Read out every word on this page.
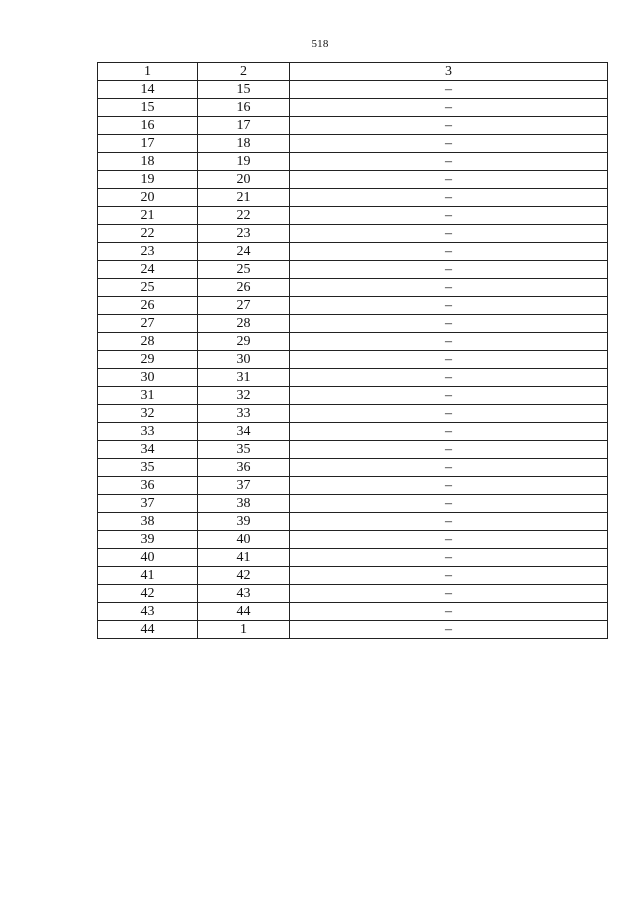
518
1	2	3
14	15	–
15	16	–
16	17	–
17	18	–
18	19	–
19	20	–
20	21	–
21	22	–
22	23	–
23	24	–
24	25	–
25	26	–
26	27	–
27	28	–
28	29	–
29	30	–
30	31	–
31	32	–
32	33	–
33	34	–
34	35	–
35	36	–
36	37	–
37	38	–
38	39	–
39	40	–
40	41	–
41	42	–
42	43	–
43	44	–
44	1	–
